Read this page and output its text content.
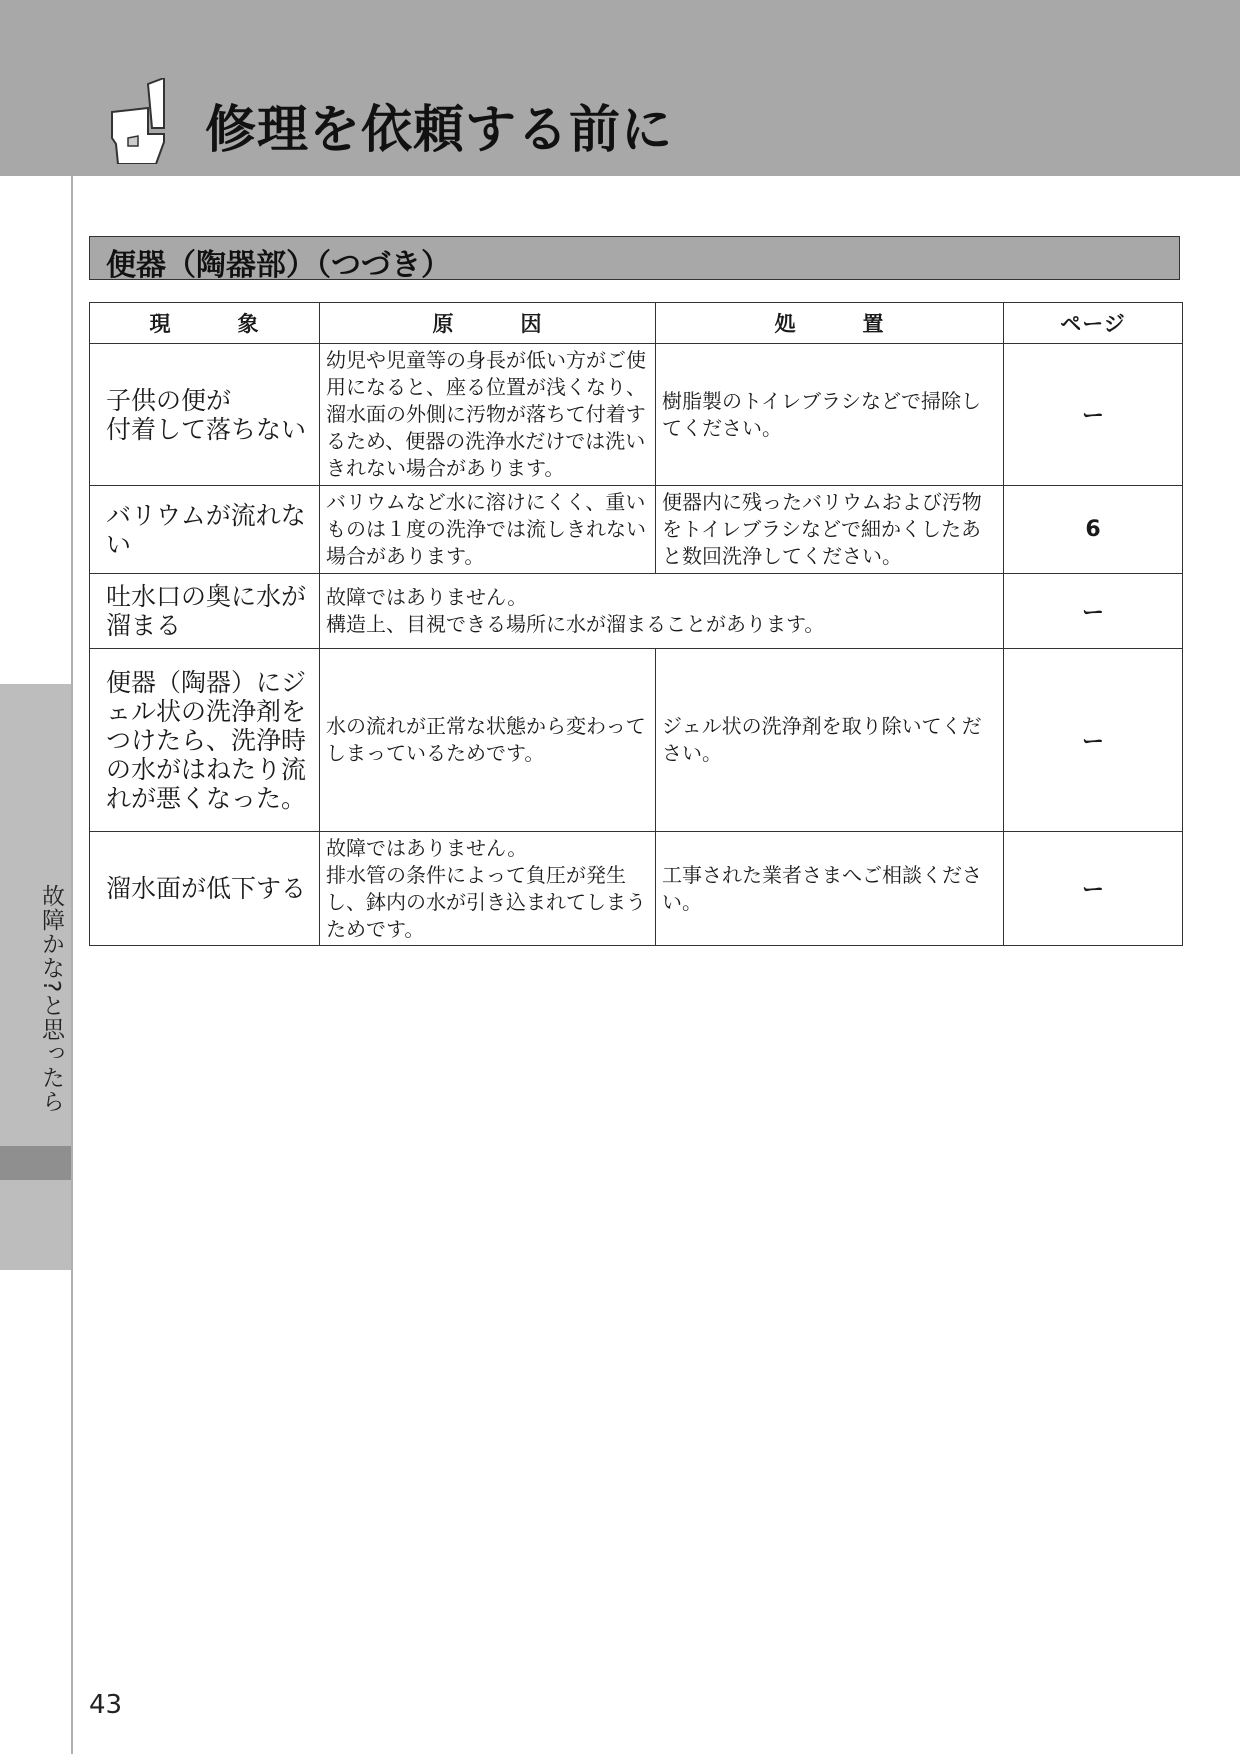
修理を依頼する前に
故障かな?と思ったら
便器（陶器部）（つづき）
現　　　象	原　　　因	処　　　置	ページ
子供の便が
付着して落ちない	幼児や児童等の身長が低い方がご使用になると、座る位置が浅くなり、溜水面の外側に汚物が落ちて付着するため、便器の洗浄水だけでは洗いきれない場合があります。	樹脂製のトイレブラシなどで掃除してください。	ー
バリウムが流れない	バリウムなど水に溶けにくく、重いものは１度の洗浄では流しきれない場合があります。	便器内に残ったバリウムおよび汚物をトイレブラシなどで細かくしたあと数回洗浄してください。	6
吐水口の奥に水が溜まる	故障ではありません。
構造上、目視できる場所に水が溜まることがあります。		ー
便器（陶器）にジェル状の洗浄剤をつけたら、洗浄時の水がはねたり流れが悪くなった。	水の流れが正常な状態から変わってしまっているためです。	ジェル状の洗浄剤を取り除いてください。	ー
溜水面が低下する	故障ではありません。
排水管の条件によって負圧が発生し、鉢内の水が引き込まれてしまうためです。	工事された業者さまへご相談ください。	ー
43
